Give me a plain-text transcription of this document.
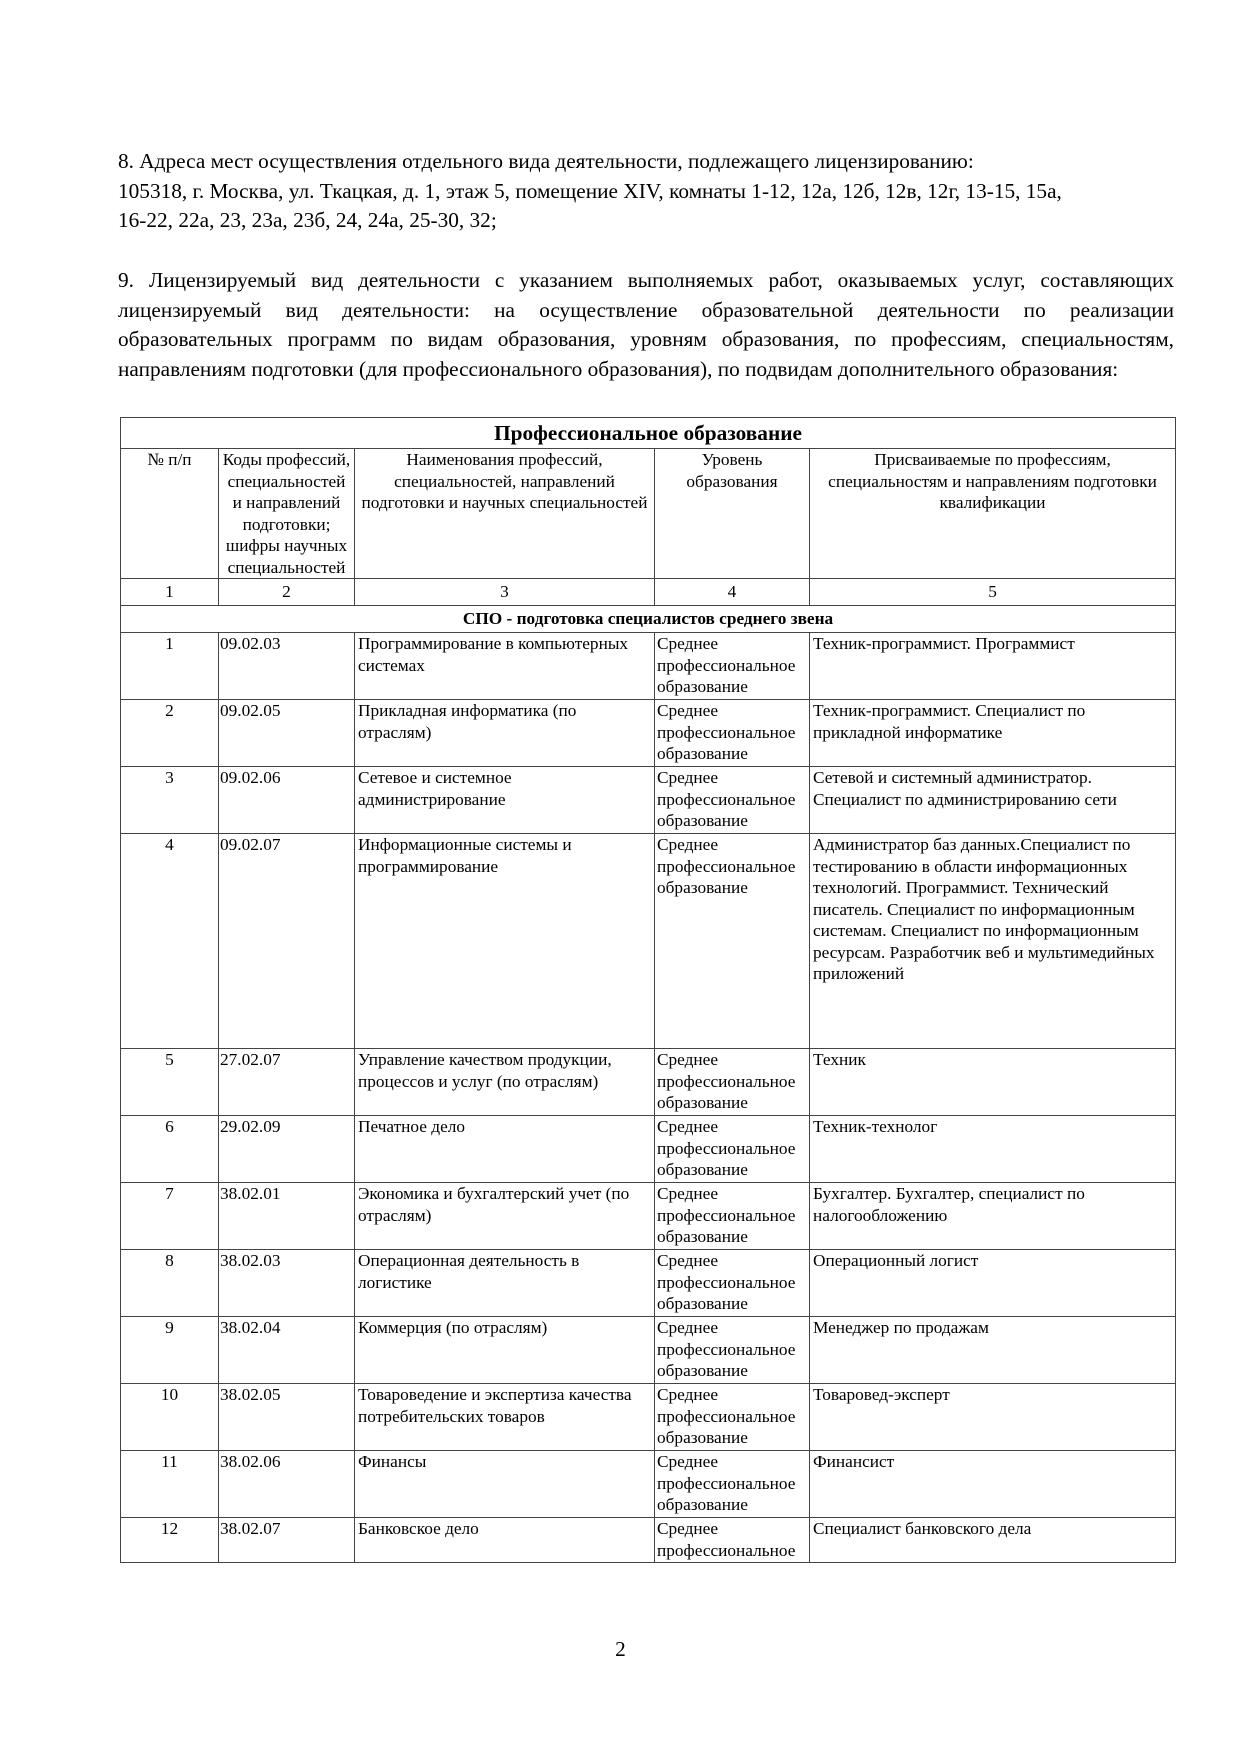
8. Адреса мест осуществления отдельного вида деятельности, подлежащего лицензированию:

105318, г. Москва, ул. Ткацкая, д. 1, этаж 5, помещение XIV, комнаты 1-12, 12а, 12б, 12в, 12г, 13-15, 15а,

16-22, 22а, 23, 23а, 23б, 24, 24а, 25-30, 32;

9. Лицензируемый вид деятельности с указанием выполняемых работ, оказываемых услуг, составляющих лицензируемый вид деятельности: на осуществление образовательной деятельности по реализации образовательных программ по видам образования, уровням образования, по профессиям, специальностям, направлениям подготовки (для профессионального образования), по подвидам дополнительного образования:

Профессиональное образование				
№ п/п	Коды профессий, специальностей и направлений подготовки; шифры научных специальностей	Наименования профессий, специальностей, направлений подготовки и научных специальностей	Уровень образования	Присваиваемые по профессиям, специальностям и направлениям подготовки квалификации
1	2	3	4	5
СПО - подготовка специалистов среднего звена				
1	09.02.03	Программирование в компьютерных системах	Среднее профессиональное образование	Техник-программист. Программист
2	09.02.05	Прикладная информатика (по отраслям)	Среднее профессиональное образование	Техник-программист. Специалист по прикладной информатике
3	09.02.06	Сетевое и системное администрирование	Среднее профессиональное образование	Сетевой и системный администратор. Специалист по администрированию сети
4	09.02.07	Информационные системы и программирование	Среднее профессиональное образование	Администратор баз данных.Специалист по тестированию в области информационных технологий. Программист. Технический писатель. Специалист по информационным системам. Специалист по информационным ресурсам. Разработчик веб и мультимедийных приложений
5	27.02.07	Управление качеством продукции, процессов и услуг (по отраслям)	Среднее профессиональное образование	Техник
6	29.02.09	Печатное дело	Среднее профессиональное образование	Техник-технолог
7	38.02.01	Экономика и бухгалтерский учет (по отраслям)	Среднее профессиональное образование	Бухгалтер. Бухгалтер, специалист по налогообложению
8	38.02.03	Операционная деятельность в логистике	Среднее профессиональное образование	Операционный логист
9	38.02.04	Коммерция (по отраслям)	Среднее профессиональное образование	Менеджер по продажам
10	38.02.05	Товароведение и экспертиза качества потребительских товаров	Среднее профессиональное образование	Товаровед-эксперт
11	38.02.06	Финансы	Среднее профессиональное образование	Финансист
12	38.02.07	Банковское дело	Среднее профессиональное	Специалист банковского дела
2
